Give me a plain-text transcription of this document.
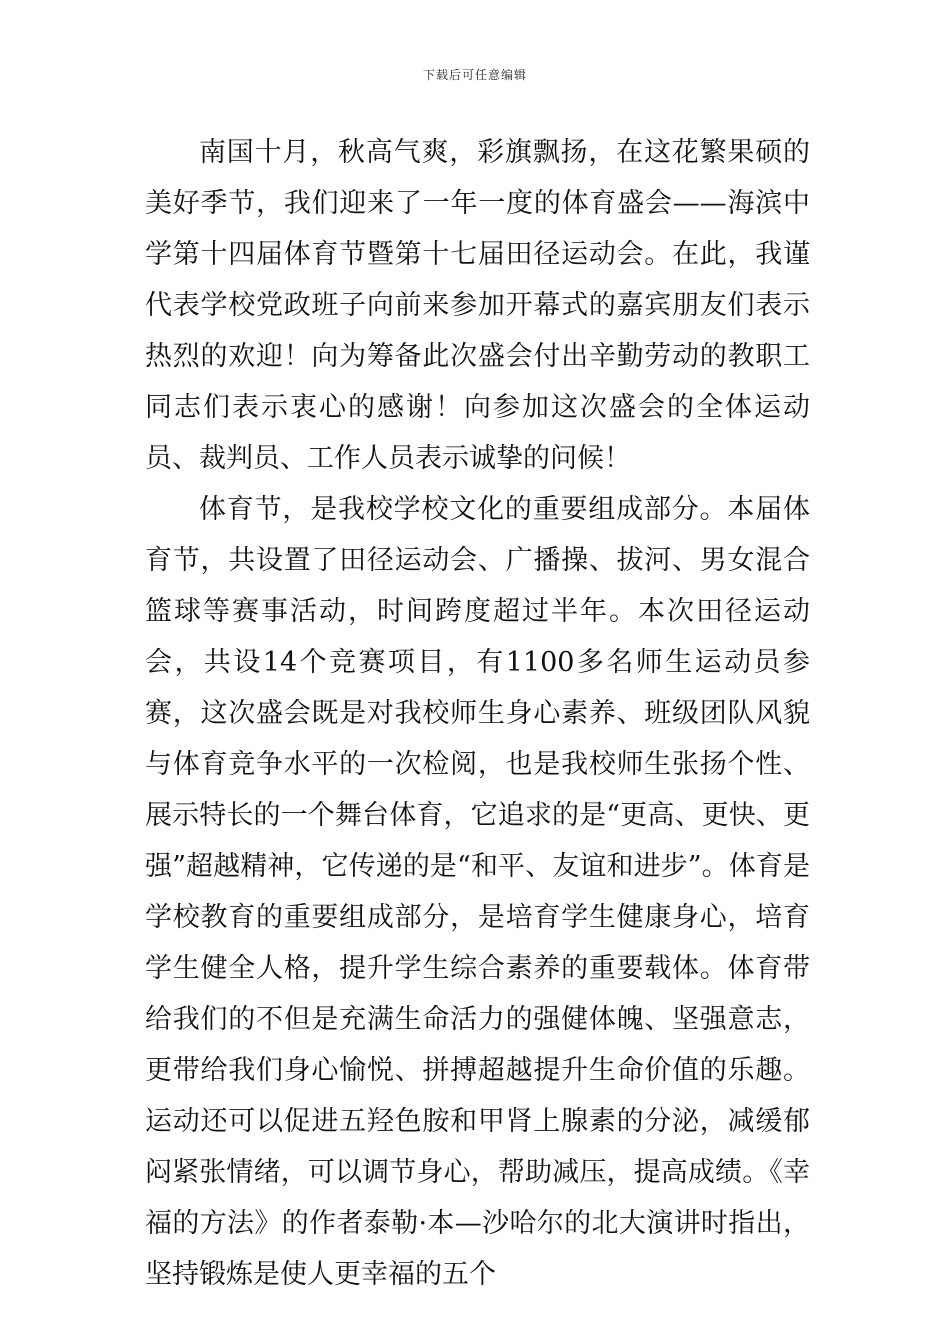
下载后可任意编辑

南国十月，秋高气爽，彩旗飘扬，在这花繁果硕的美好季节，我们迎来了一年一度的体育盛会——海滨中学第十四届体育节暨第十七届田径运动会。在此，我谨代表学校党政班子向前来参加开幕式的嘉宾朋友们表示热烈的欢迎！向为筹备此次盛会付出辛勤劳动的教职工同志们表示衷心的感谢！向参加这次盛会的全体运动员、裁判员、工作人员表示诚挚的问候！

体育节，是我校学校文化的重要组成部分。本届体育节，共设置了田径运动会、广播操、拔河、男女混合篮球等赛事活动，时间跨度超过半年。本次田径运动会，共设14个竞赛项目，有1100多名师生运动员参赛，这次盛会既是对我校师生身心素养、班级团队风貌与体育竞争水平的一次检阅，也是我校师生张扬个性、展示特长的一个舞台体育，它追求的是“更高、更快、更强”超越精神，它传递的是“和平、友谊和进步”。体育是学校教育的重要组成部分，是培育学生健康身心，培育学生健全人格，提升学生综合素养的重要载体。体育带给我们的不但是充满生命活力的强健体魄、坚强意志，更带给我们身心愉悦、拼搏超越提升生命价值的乐趣。运动还可以促进五羟色胺和甲肾上腺素的分泌，减缓郁闷紧张情绪，可以调节身心，帮助减压，提高成绩。《幸福的方法》的作者泰勒·本—沙哈尔的北大演讲时指出，坚持锻炼是使人更幸福的五个
